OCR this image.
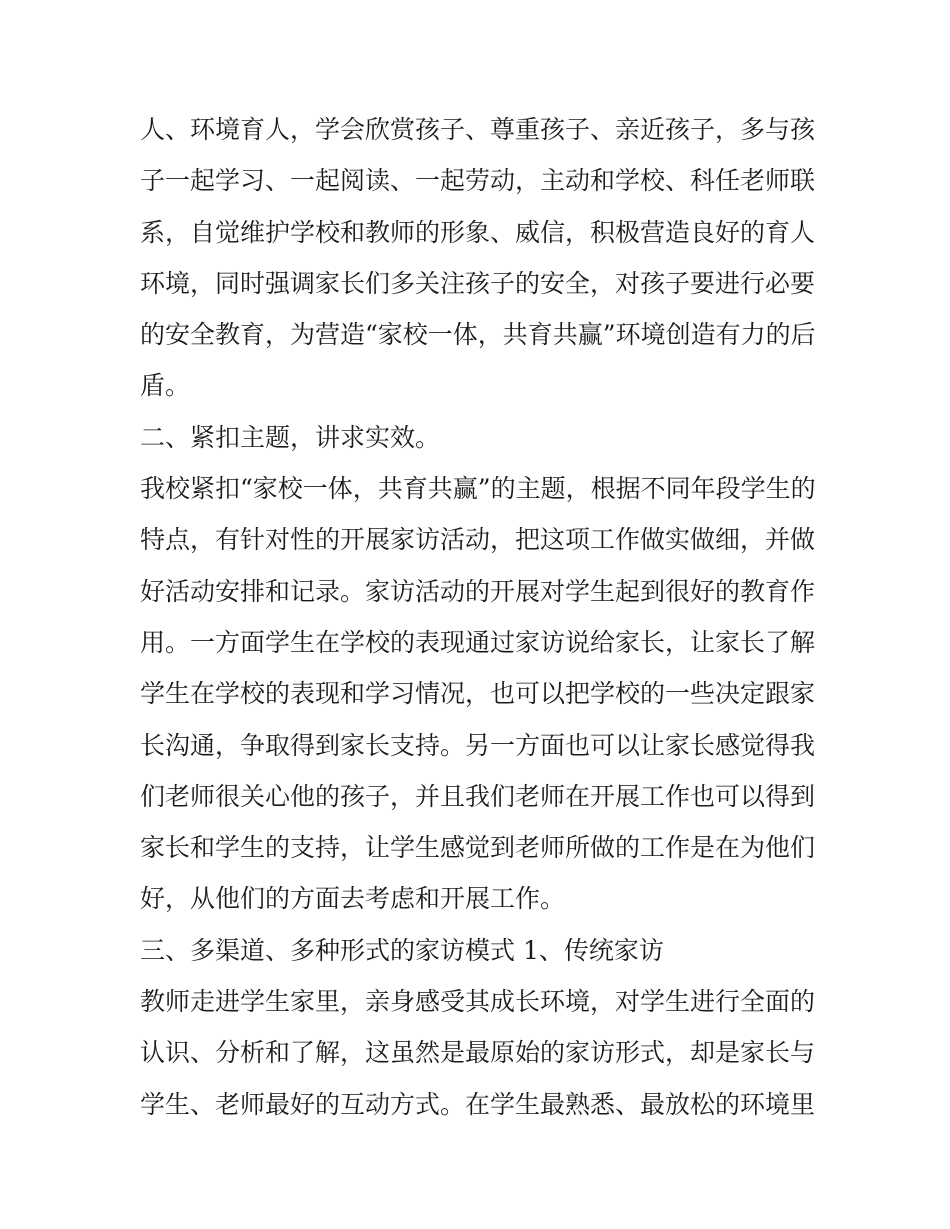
人、环境育人，学会欣赏孩子、尊重孩子、亲近孩子，多与孩
子一起学习、一起阅读、一起劳动，主动和学校、科任老师联
系，自觉维护学校和教师的形象、威信，积极营造良好的育人
环境，同时强调家长们多关注孩子的安全，对孩子要进行必要
的安全教育，为营造“家校一体，共育共赢”环境创造有力的后
盾。
二、紧扣主题，讲求实效。
我校紧扣“家校一体，共育共赢”的主题，根据不同年段学生的
特点，有针对性的开展家访活动，把这项工作做实做细，并做
好活动安排和记录。家访活动的开展对学生起到很好的教育作
用。一方面学生在学校的表现通过家访说给家长，让家长了解
学生在学校的表现和学习情况，也可以把学校的一些决定跟家
长沟通，争取得到家长支持。另一方面也可以让家长感觉得我
们老师很关心他的孩子，并且我们老师在开展工作也可以得到
家长和学生的支持，让学生感觉到老师所做的工作是在为他们
好，从他们的方面去考虑和开展工作。
三、多渠道、多种形式的家访模式 1、传统家访
教师走进学生家里，亲身感受其成长环境，对学生进行全面的
认识、分析和了解，这虽然是最原始的家访形式，却是家长与
学生、老师最好的互动方式。在学生最熟悉、最放松的环境里
